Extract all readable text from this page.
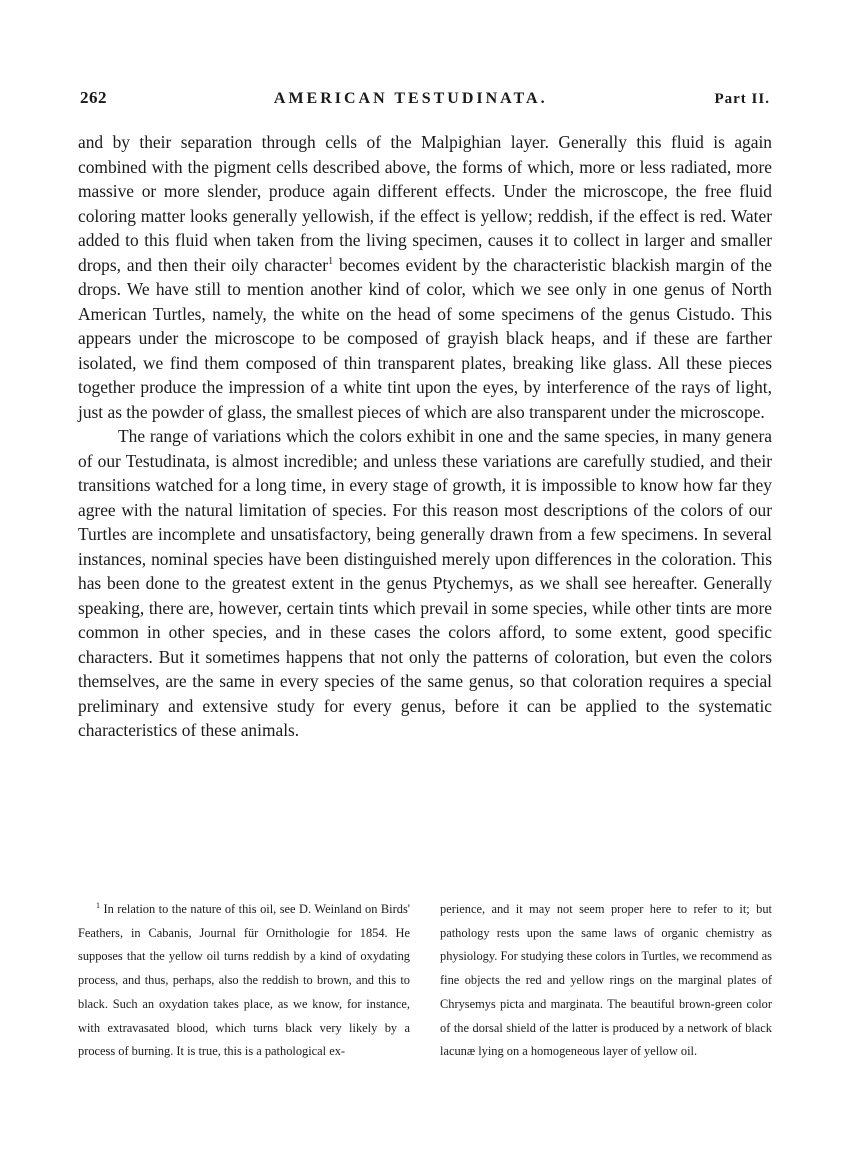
262	AMERICAN TESTUDINATA.	Part II.

and by their separation through cells of the Malpighian layer. Generally this fluid is again combined with the pigment cells described above, the forms of which, more or less radiated, more massive or more slender, produce again different effects. Under the microscope, the free fluid coloring matter looks generally yellowish, if the effect is yellow; reddish, if the effect is red. Water added to this fluid when taken from the living specimen, causes it to collect in larger and smaller drops, and then their oily character$^1$ becomes evident by the characteristic blackish margin of the drops. We have still to mention another kind of color, which we see only in one genus of North American Turtles, namely, the white on the head of some specimens of the genus Cistudo. This appears under the microscope to be composed of grayish black heaps, and if these are farther isolated, we find them composed of thin transparent plates, breaking like glass. All these pieces together produce the impression of a white tint upon the eyes, by interference of the rays of light, just as the powder of glass, the smallest pieces of which are also transparent under the microscope.

The range of variations which the colors exhibit in one and the same species, in many genera of our Testudinata, is almost incredible; and unless these variations are carefully studied, and their transitions watched for a long time, in every stage of growth, it is impossible to know how far they agree with the natural limitation of species. For this reason most descriptions of the colors of our Turtles are incomplete and unsatisfactory, being generally drawn from a few specimens. In several instances, nominal species have been distinguished merely upon differences in the coloration. This has been done to the greatest extent in the genus Ptychemys, as we shall see hereafter. Generally speaking, there are, however, certain tints which prevail in some species, while other tints are more common in other species, and in these cases the colors afford, to some extent, good specific characters. But it sometimes happens that not only the patterns of coloration, but even the colors themselves, are the same in every species of the same genus, so that coloration requires a special preliminary and extensive study for every genus, before it can be applied to the systematic characteristics of these animals.

$^1$ In relation to the nature of this oil, see D. Weinland on Birds' Feathers, in Cabanis, Journal für Ornithologie for 1854. He supposes that the yellow oil turns reddish by a kind of oxydating process, and thus, perhaps, also the reddish to brown, and this to black. Such an oxydation takes place, as we know, for instance, with extravasated blood, which turns black very likely by a process of burning. It is true, this is a pathological ex-

perience, and it may not seem proper here to refer to it; but pathology rests upon the same laws of organic chemistry as physiology. For studying these colors in Turtles, we recommend as fine objects the red and yellow rings on the marginal plates of Chrysemys picta and marginata. The beautiful brown-green color of the dorsal shield of the latter is produced by a network of black lacunæ lying on a homogeneous layer of yellow oil.
